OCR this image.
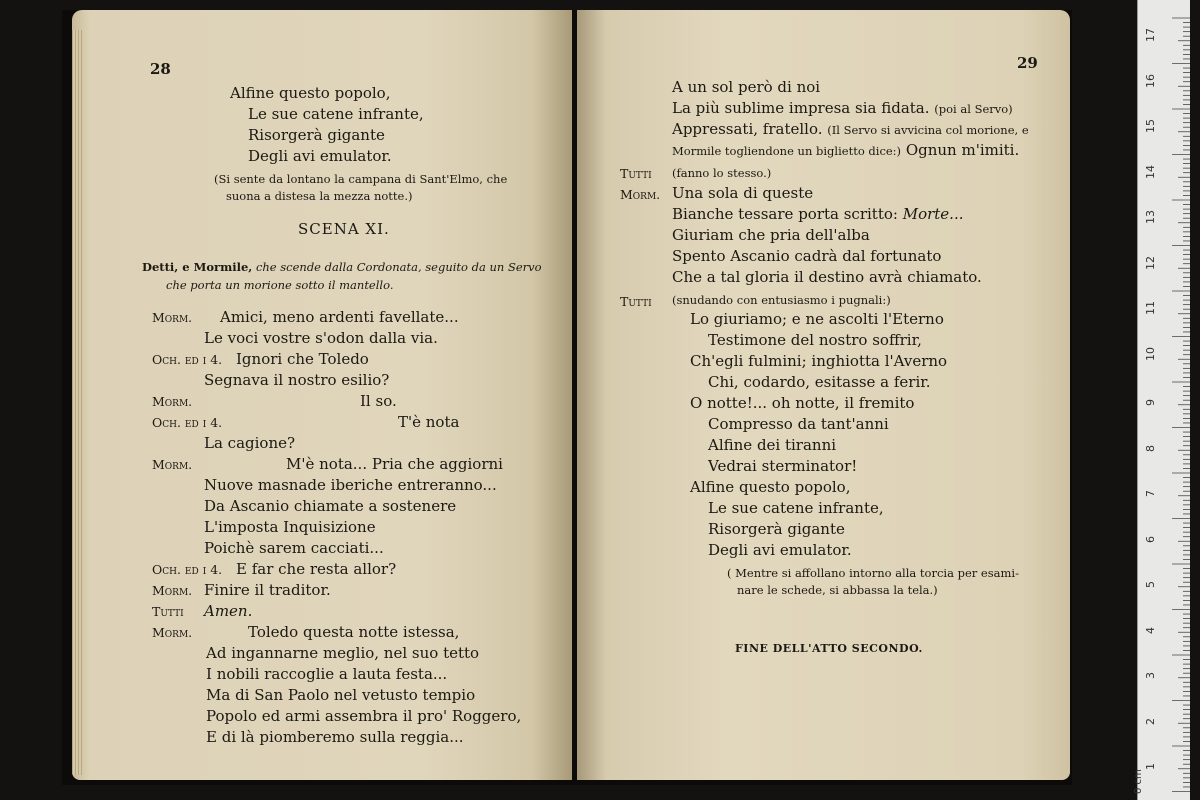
28
Alfine questo popolo,
Le sue catene infrante,
Risorgerà gigante
Degli avi emulator.
(Si sente da lontano la campana di Sant'Elmo, che
suona a distesa la mezza notte.)
SCENA XI.
Detti, e Mormile, che scende dalla Cordonata, seguito da un Servo
che porta un morione sotto il mantello.
Morm. Amici, meno ardenti favellate...
Le voci vostre s'odon dalla via.
Och. ed i 4. Ignori che Toledo
Segnava il nostro esilio?
Morm.	Il so.
Och. ed i 4.	T'è nota
La cagione?
Morm.	M'è nota... Pria che aggiorni
Nuove masnade iberiche entreranno...
Da Ascanio chiamate a sostenere
L'imposta Inquisizione
Poichè sarem cacciati...
Och. ed i 4. E far che resta allor?
Morm. Finire il traditor.
Tutti Amen.
Morm.	Toledo questa notte istessa,
Ad ingannarne meglio, nel suo tetto
I nobili raccoglie a lauta festa...
Ma di San Paolo nel vetusto tempio
Popolo ed armi assembra il pro' Roggero,
E di là piomberemo sulla reggia...
29
A un sol però di noi
La più sublime impresa sia fidata. (poi al Servo)
Appressati, fratello. (Il Servo si avvicina col morione, e
Mormile togliendone un biglietto dice:) Ognun m'imiti.
Tutti (fanno lo stesso.)
Morm. Una sola di queste
Bianche tessare porta scritto: Morte...
Giuriam che pria dell'alba
Spento Ascanio cadrà dal fortunato
Che a tal gloria il destino avrà chiamato.
Tutti (snudando con entusiasmo i pugnali:)
Lo giuriamo; e ne ascolti l'Eterno
Testimone del nostro soffrir,
Ch'egli fulmini; inghiotta l'Averno
Chi, codardo, esitasse a ferir.
O notte!... oh notte, il fremito
Compresso da tant'anni
Alfine dei tiranni
Vedrai sterminator!
Alfine questo popolo,
Le sue catene infrante,
Risorgerà gigante
Degli avi emulator.
( Mentre si affollano intorno alla torcia per esami-
nare le schede, si abbassa la tela.)
FINE DELL'ATTO SECONDO.
17
16
15
14
13
12
11
10
9
8
7
6
5
4
3
2
1
0 cm
